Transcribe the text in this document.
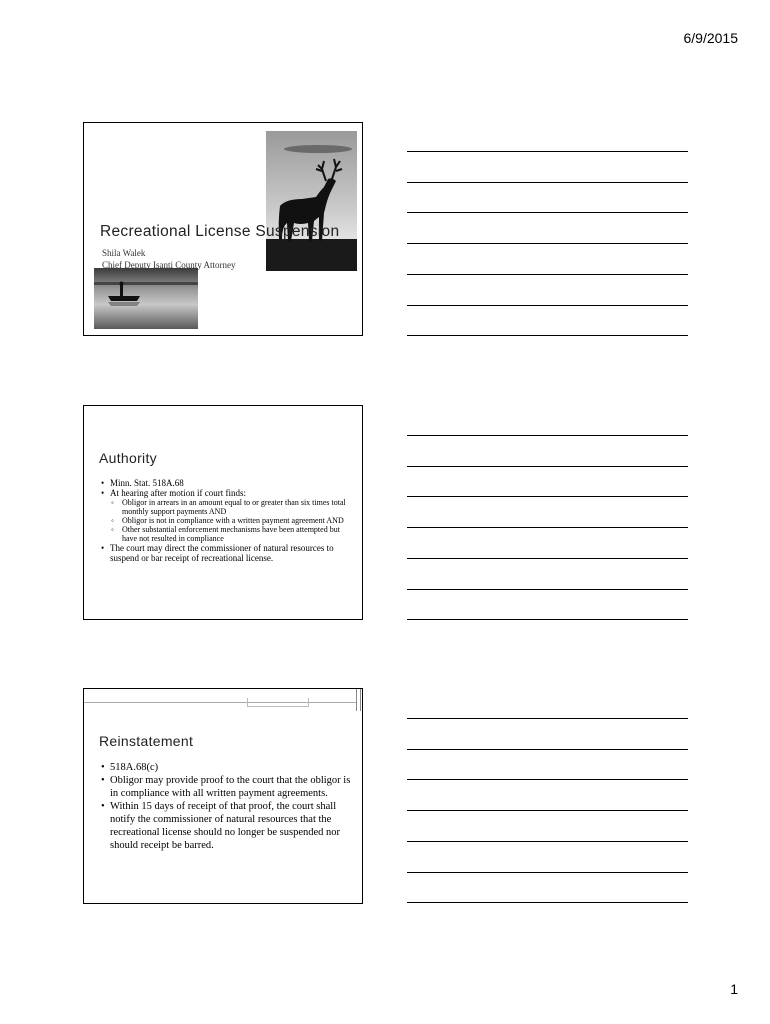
6/9/2015
Recreational License Suspension
Shila Walek
Chief Deputy Isanti County Attorney
Authority
• Minn. Stat. 518A.68
• At hearing after motion if court finds:
◦ Obligor in arrears in an amount equal to or greater than six times total monthly support payments AND
◦ Obligor is not in compliance with a written payment agreement AND
◦ Other substantial enforcement mechanisms have been attempted but have not resulted in compliance
• The court may direct the commissioner of natural resources to suspend or bar receipt of recreational license.
Reinstatement
• 518A.68(c)
• Obligor may provide proof to the court that the obligor is in compliance with all written payment agreements.
• Within 15 days of receipt of that proof, the court shall notify the commissioner of natural resources that the recreational license should no longer be suspended nor should receipt be barred.
1
